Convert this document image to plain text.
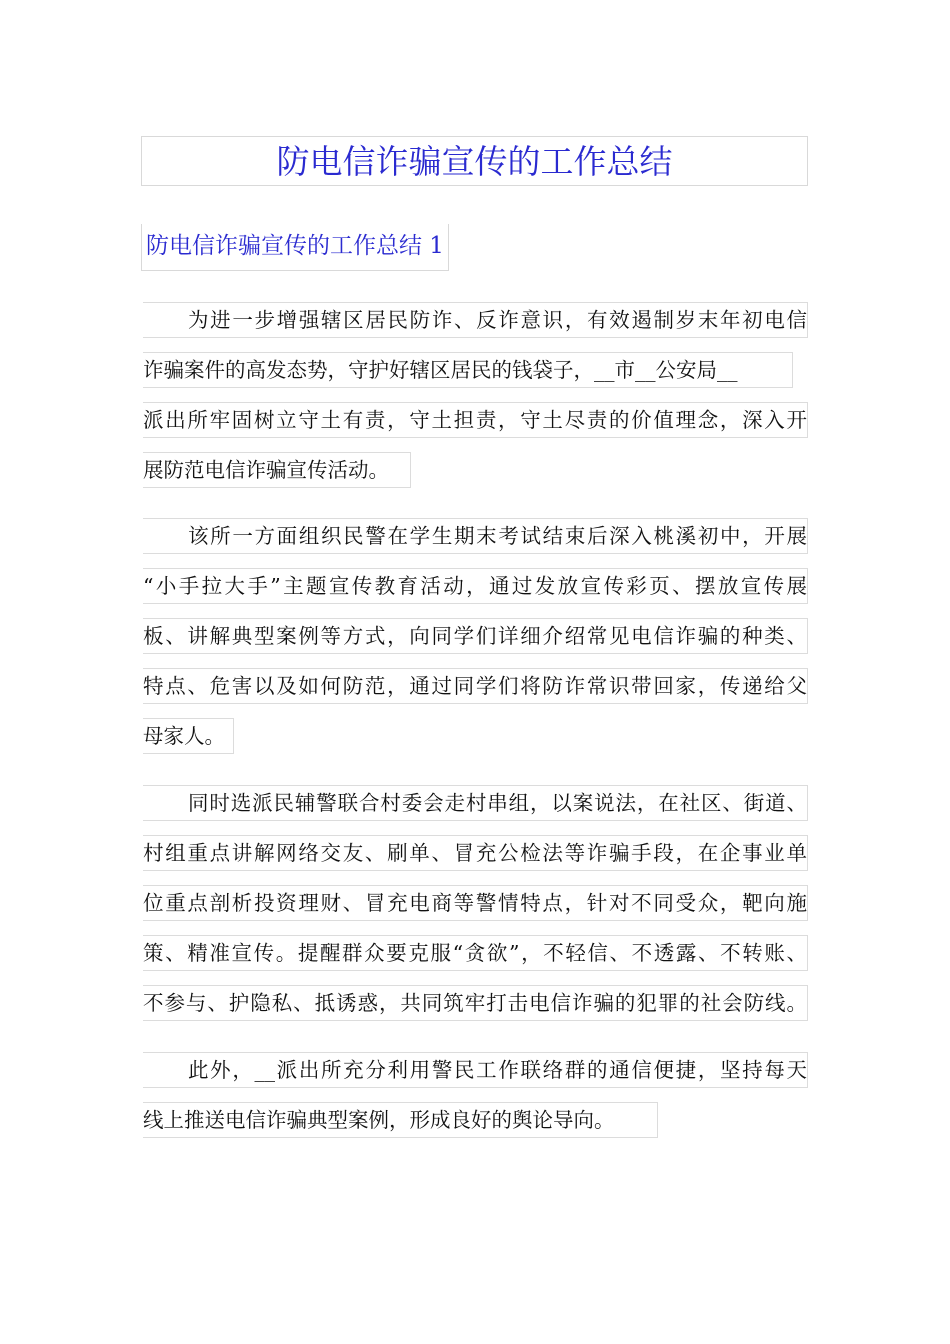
防电信诈骗宣传的工作总结
防电信诈骗宣传的工作总结 1
为进一步增强辖区居民防诈、反诈意识，有效遏制岁末年初电信
诈骗案件的高发态势，守护好辖区居民的钱袋子，__市__公安局__
派出所牢固树立守土有责，守土担责，守土尽责的价值理念，深入开
展防范电信诈骗宣传活动。
该所一方面组织民警在学生期末考试结束后深入桃溪初中，开展
“小手拉大手”主题宣传教育活动，通过发放宣传彩页、摆放宣传展
板、讲解典型案例等方式，向同学们详细介绍常见电信诈骗的种类、
特点、危害以及如何防范，通过同学们将防诈常识带回家，传递给父
母家人。
同时选派民辅警联合村委会走村串组，以案说法，在社区、街道、
村组重点讲解网络交友、刷单、冒充公检法等诈骗手段，在企事业单
位重点剖析投资理财、冒充电商等警情特点，针对不同受众，靶向施
策、精准宣传。提醒群众要克服“贪欲”，不轻信、不透露、不转账、
不参与、护隐私、抵诱惑，共同筑牢打击电信诈骗的犯罪的社会防线。
此外，__派出所充分利用警民工作联络群的通信便捷，坚持每天
线上推送电信诈骗典型案例，形成良好的舆论导向。
